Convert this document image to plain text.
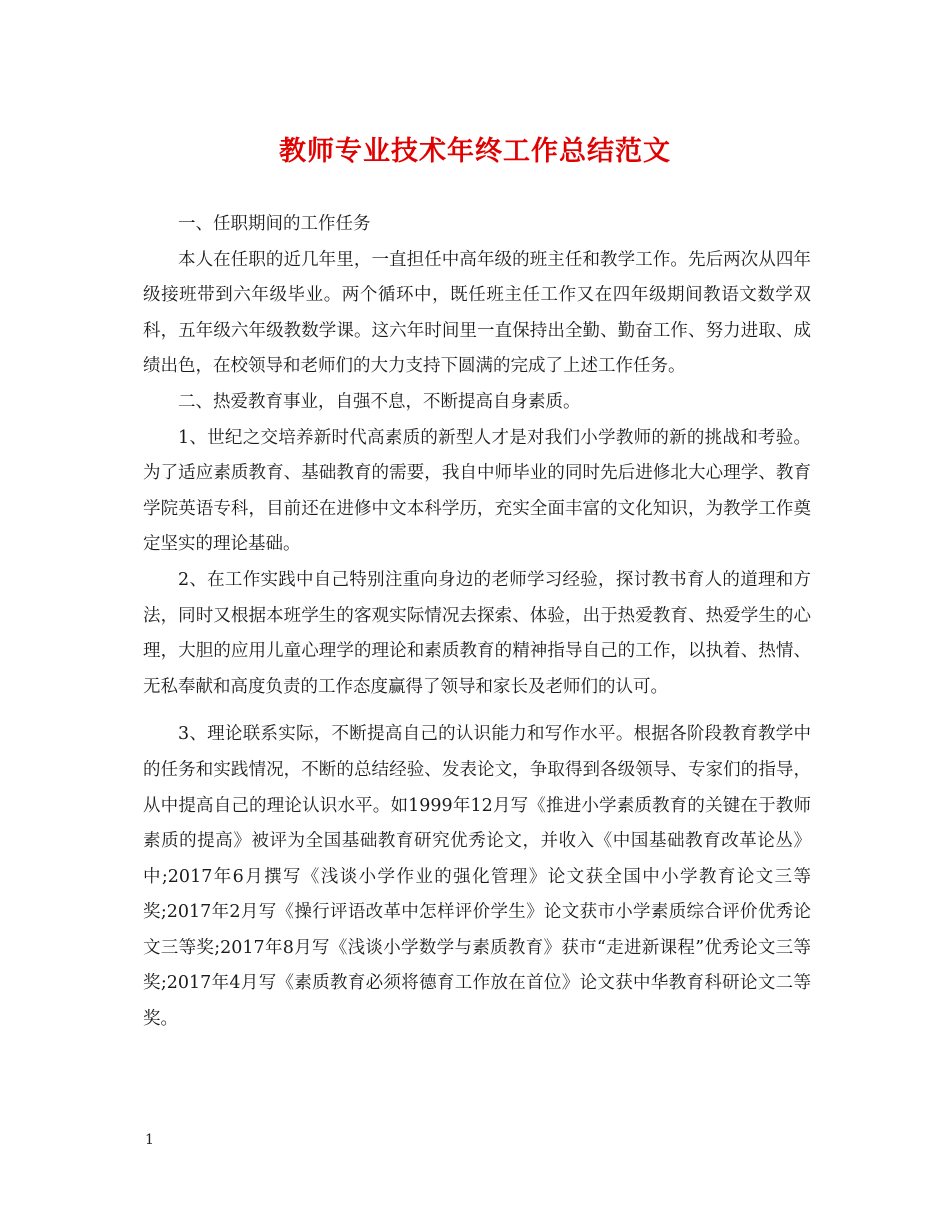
教师专业技术年终工作总结范文

一、任职期间的工作任务

本人在任职的近几年里，一直担任中高年级的班主任和教学工作。先后两次从四年级接班带到六年级毕业。两个循环中，既任班主任工作又在四年级期间教语文数学双科，五年级六年级教数学课。这六年时间里一直保持出全勤、勤奋工作、努力进取、成绩出色，在校领导和老师们的大力支持下圆满的完成了上述工作任务。

二、热爱教育事业，自强不息，不断提高自身素质。

1、世纪之交培养新时代高素质的新型人才是对我们小学教师的新的挑战和考验。为了适应素质教育、基础教育的需要，我自中师毕业的同时先后进修北大心理学、教育学院英语专科，目前还在进修中文本科学历，充实全面丰富的文化知识，为教学工作奠定坚实的理论基础。

2、在工作实践中自己特别注重向身边的老师学习经验，探讨教书育人的道理和方法，同时又根据本班学生的客观实际情况去探索、体验，出于热爱教育、热爱学生的心理，大胆的应用儿童心理学的理论和素质教育的精神指导自己的工作，以执着、热情、无私奉献和高度负责的工作态度赢得了领导和家长及老师们的认可。

3、理论联系实际，不断提高自己的认识能力和写作水平。根据各阶段教育教学中的任务和实践情况，不断的总结经验、发表论文，争取得到各级领导、专家们的指导，从中提高自己的理论认识水平。如1999年12月写《推进小学素质教育的关键在于教师素质的提高》被评为全国基础教育研究优秀论文，并收入《中国基础教育改革论丛》中;2017年6月撰写《浅谈小学作业的强化管理》论文获全国中小学教育论文三等奖;2017年2月写《操行评语改革中怎样评价学生》论文获市小学素质综合评价优秀论文三等奖;2017年8月写《浅谈小学数学与素质教育》获市“走进新课程”优秀论文三等奖;2017年4月写《素质教育必须将德育工作放在首位》论文获中华教育科研论文二等奖。

1
